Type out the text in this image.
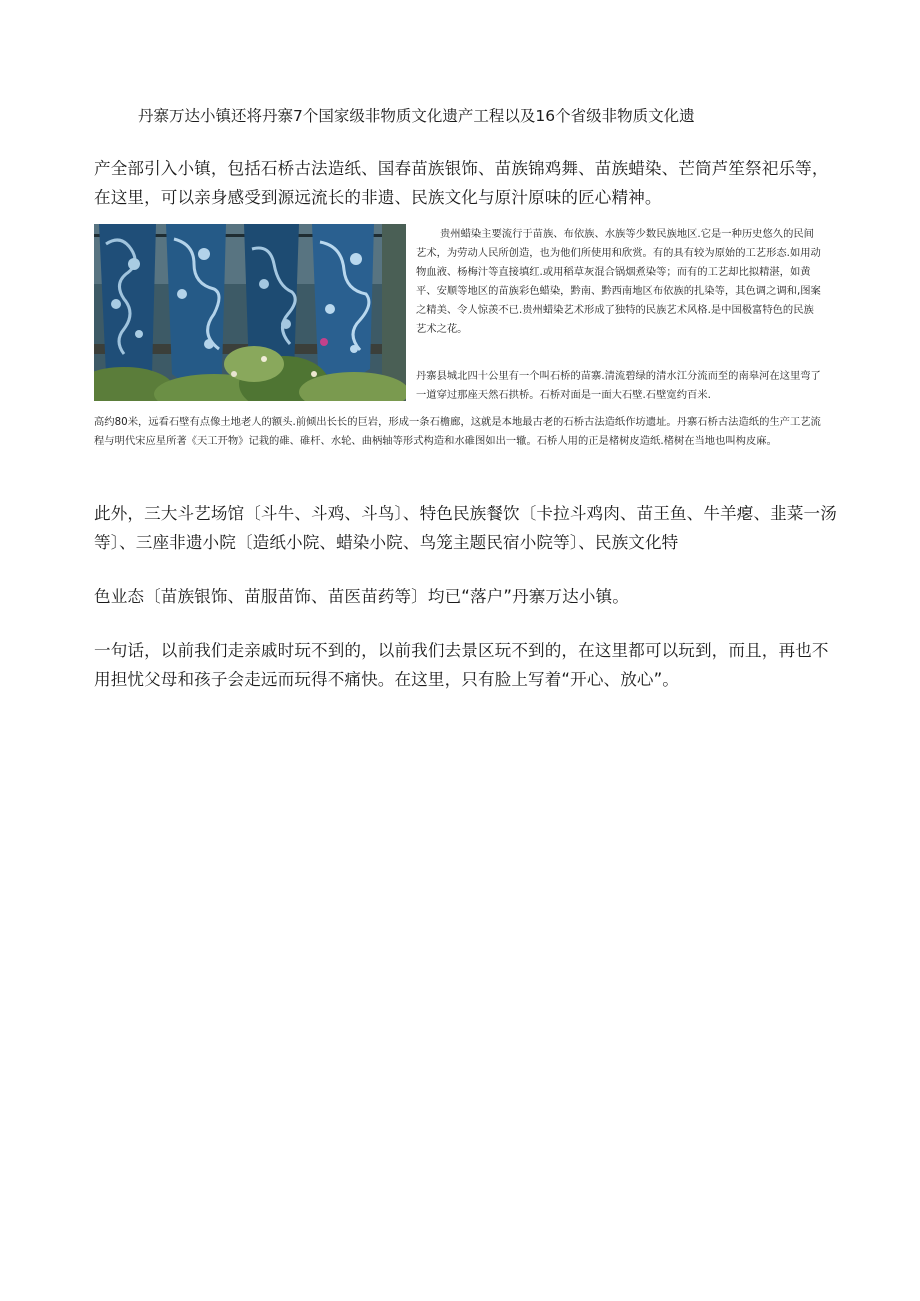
丹寨万达小镇还将丹寨7个国家级非物质文化遗产工程以及16个省级非物质文化遗
产全部引入小镇，包括石桥古法造纸、国春苗族银饰、苗族锦鸡舞、苗族蜡染、芒筒芦笙祭祀乐等，在这里，可以亲身感受到源远流长的非遗、民族文化与原汁原味的匠心精神。
贵州蜡染主要流行于苗族、布依族、水族等少数民族地区.它是一种历史悠久的民间艺术，为劳动人民所创造，也为他们所使用和欣赏。有的具有较为原始的工艺形态.如用动物血液、杨梅汁等直接填红.或用稻草灰混合锅烟煮染等；而有的工艺却比拟精湛，如黄平、安顺等地区的苗族彩色蜡染，黔南、黔西南地区布依族的扎染等，其色调之调和,图案之精美、令人惊羡不已.贵州蜡染艺术形成了独特的民族艺术风格.是中国极富特色的民族艺术之花。
丹寨县城北四十公里有一个叫石桥的苗寨.清流碧绿的清水江分流而至的南皋河在这里弯了一道穿过那座天然石拱桥。石桥对面是一面大石壁.石壁宽约百米.
高约80米，远看石壁有点像土地老人的额头.前倾出长长的巨岩，形成一条石檐廊，这就是本地最古老的石桥古法造纸作坊遗址。丹寨石桥古法造纸的生产工艺流程与明代宋应星所著《天工开物》记栽的碓、碓杆、水轮、曲柄轴等形式构造和水碓图如出一辙。石桥人用的正是楮树皮造纸.楮树在当地也叫构皮麻。
此外，三大斗艺场馆〔斗牛、斗鸡、斗鸟〕、特色民族餐饮〔卡拉斗鸡肉、苗王鱼、牛羊瘪、韭菜一汤等〕、三座非遗小院〔造纸小院、蜡染小院、鸟笼主题民宿小院等〕、民族文化特
色业态〔苗族银饰、苗服苗饰、苗医苗药等〕均已“落户”丹寨万达小镇。
一句话，以前我们走亲戚时玩不到的，以前我们去景区玩不到的，在这里都可以玩到，而且，再也不用担忧父母和孩子会走远而玩得不痛快。在这里，只有脸上写着“开心、放心”。
